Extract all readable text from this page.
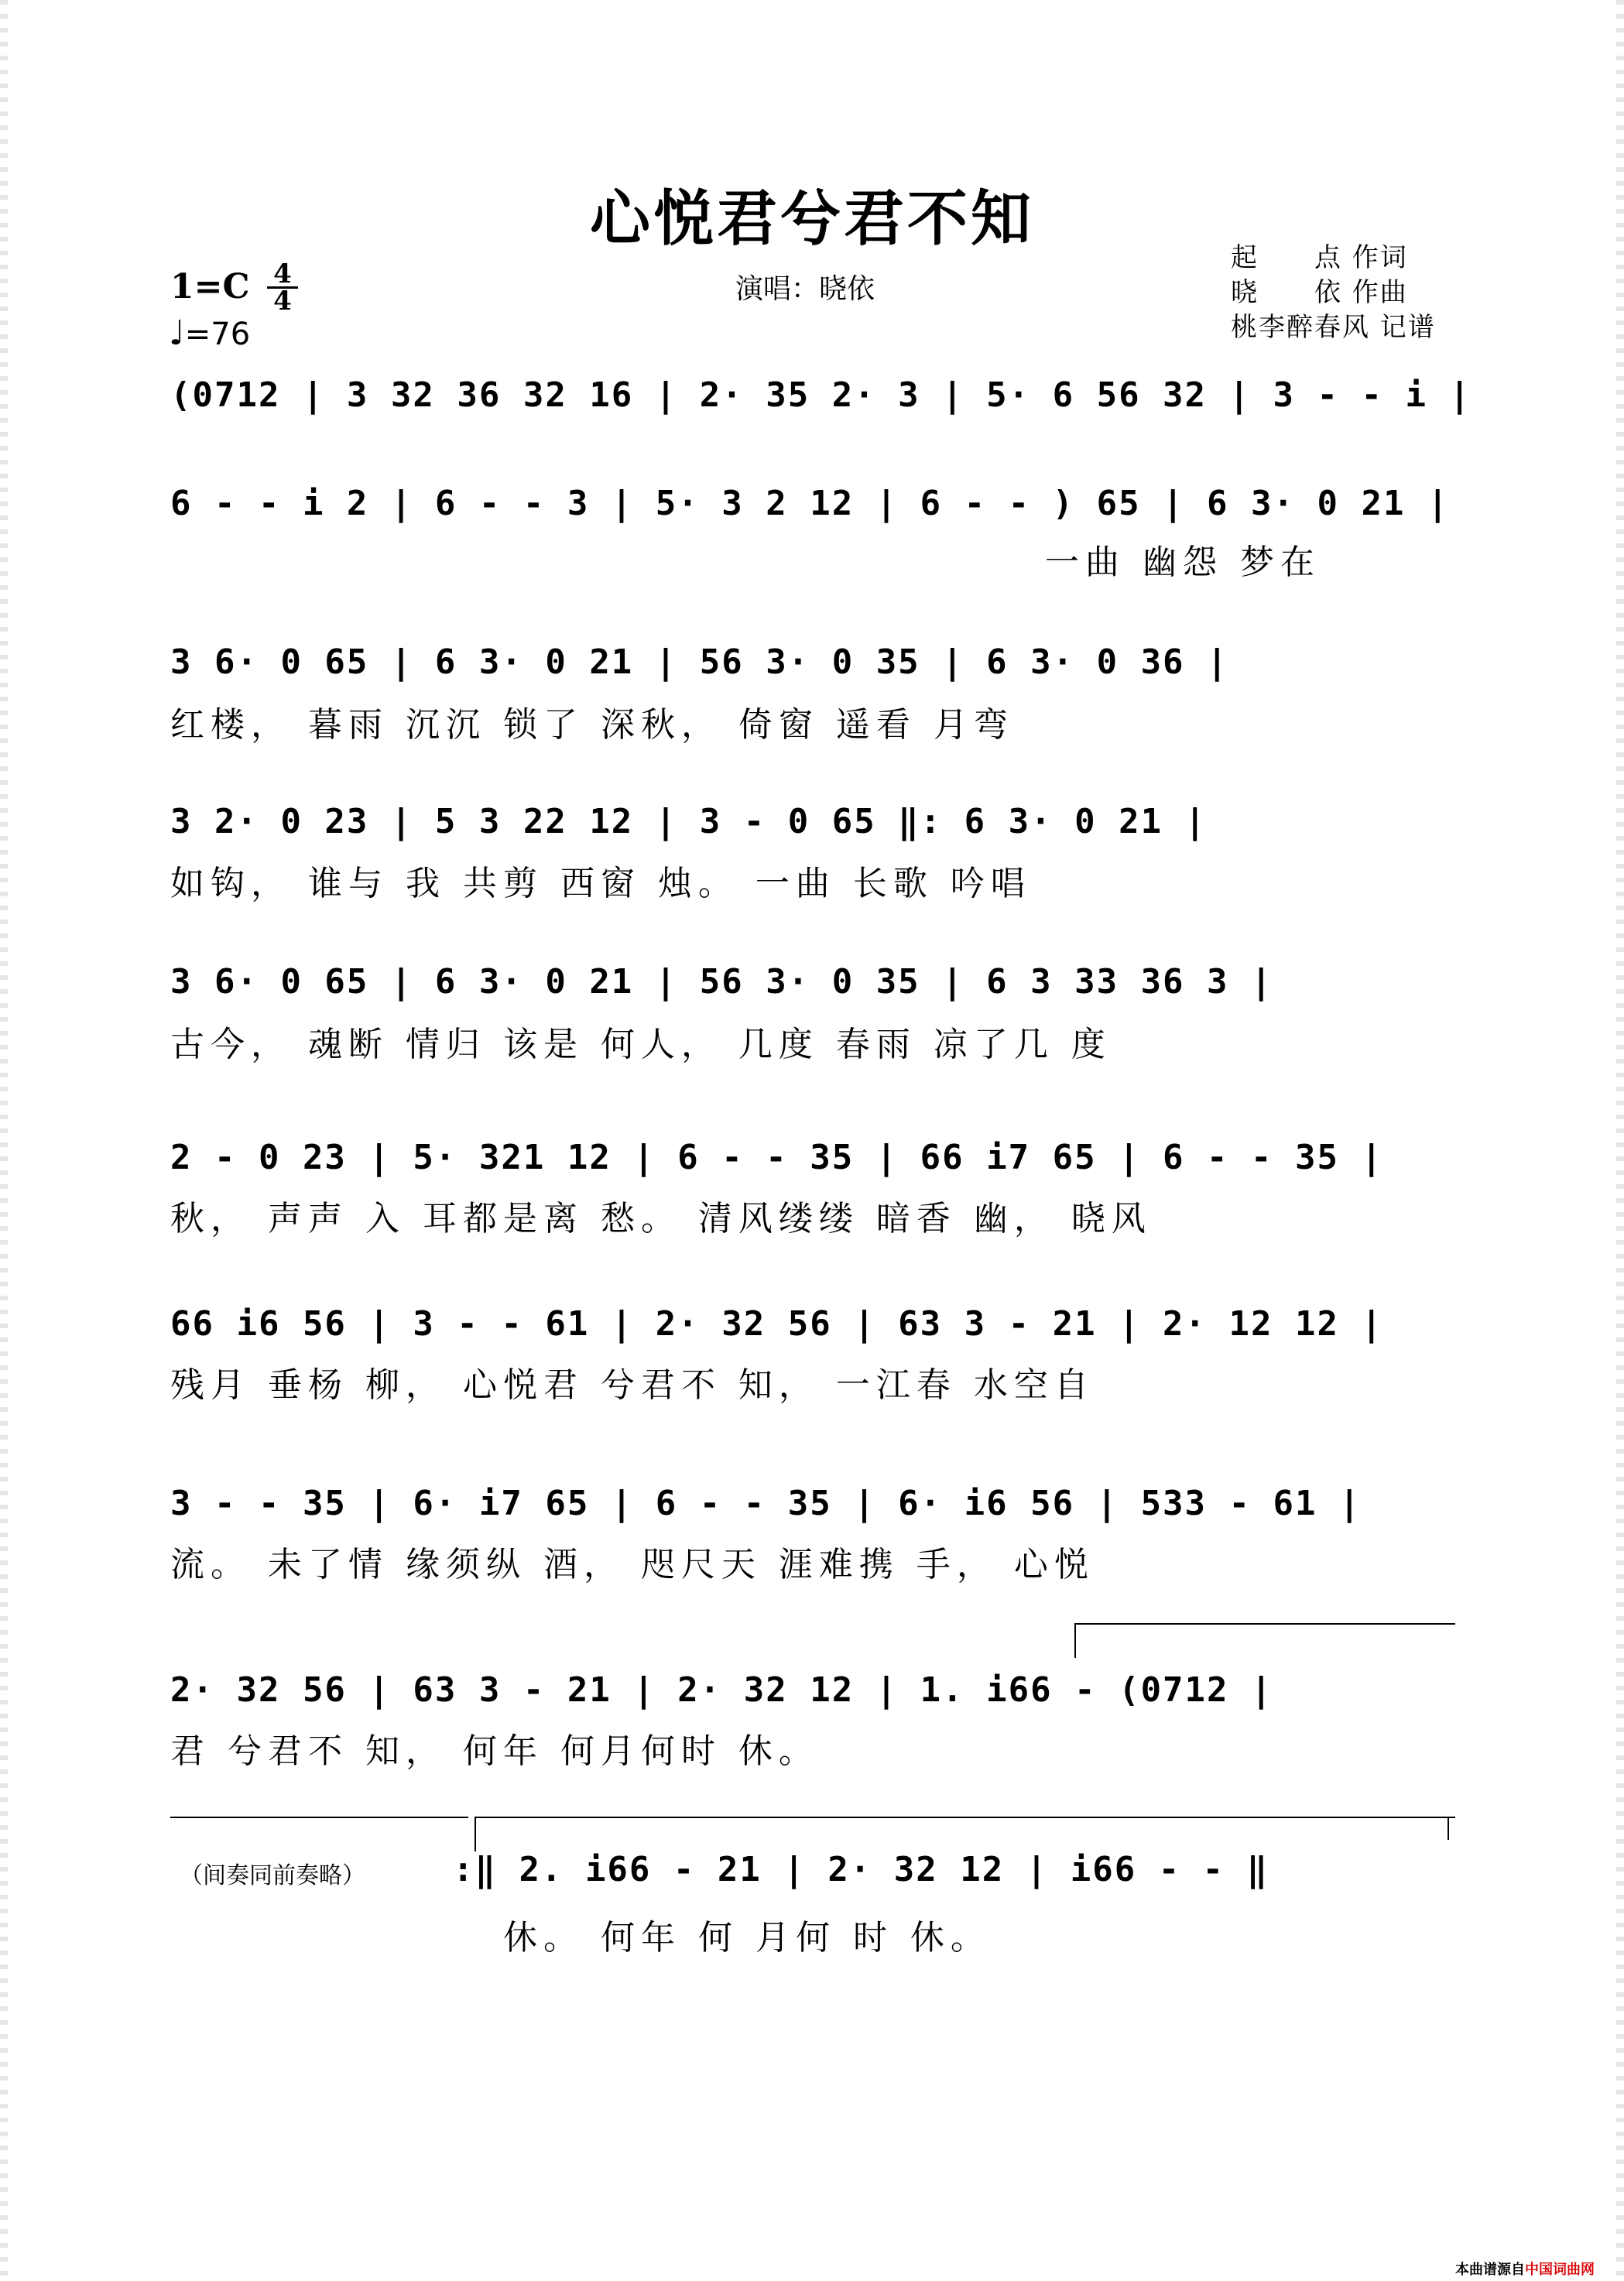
心悦君兮君不知
演唱：晓依
起　　点 作词
晓　　依 作曲
桃李醉春风 记谱
$1=C \frac{4}{4}$
♩=76
(0712 | 3 32 36 32 16 | 2· 35 2· 3 | 5· 6 56 32 | 3 - - i |
6 - - i 2 | 6 - - 3 | 5· 3 2 12 | 6 - - ) 65 | 6 3· 0 21 |
一曲 幽怨 梦在
3 6· 0 65 | 6 3· 0 21 | 56 3· 0 35 | 6 3· 0 36 |
红楼， 暮雨 沉沉 锁了 深秋， 倚窗 遥看 月弯
3 2· 0 23 | 5 3 22 12 | 3 - 0 65 ‖: 6 3· 0 21 |
如钩， 谁与 我 共剪 西窗 烛。 一曲 长歌 吟唱
3 6· 0 65 | 6 3· 0 21 | 56 3· 0 35 | 6 3 33 36 3 |
古今， 魂断 情归 该是 何人， 几度 春雨 凉了几 度
2 - 0 23 | 5· 321 12 | 6 - - 35 | 66 i7 65 | 6 - - 35 |
秋， 声声 入 耳都是离 愁。 清风缕缕 暗香 幽， 晓风
66 i6 56 | 3 - - 61 | 2· 32 56 | 63 3 - 21 | 2· 12 12 |
残月 垂杨 柳， 心悦君 兮君不 知， 一江春 水空自
3 - - 35 | 6· i7 65 | 6 - - 35 | 6· i6 56 | 533 - 61 |
流。 未了情 缘须纵 酒， 咫尺天 涯难携 手， 心悦
2· 32 56 | 63 3 - 21 | 2· 32 12 | 1. i66 - (0712 |
君 兮君不 知， 何年 何月何时 休。
（间奏同前奏略）	:‖ 2. i66 - 21 | 2· 32 12 | i66 - - ‖
休。 何年 何 月何 时 休。
本曲谱源自中国词曲网
